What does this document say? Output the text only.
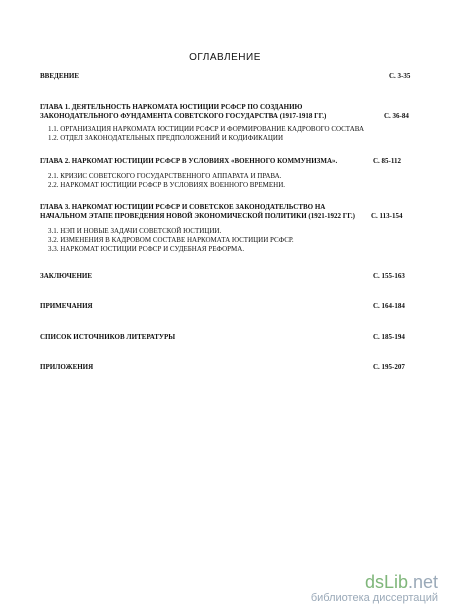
ОГЛАВЛЕНИЕ
ВВЕДЕНИЕ	С. 3-35
ГЛАВА 1. ДЕЯТЕЛЬНОСТЬ НАРКОМАТА ЮСТИЦИИ РСФСР ПО СОЗДАНИЮ
ЗАКОНОДАТЕЛЬНОГО ФУНДАМЕНТА СОВЕТСКОГО ГОСУДАРСТВА (1917-1918 ГГ.)	С. 36-84
1.1. ОРГАНИЗАЦИЯ НАРКОМАТА ЮСТИЦИИ РСФСР И ФОРМИРОВАНИЕ КАДРОВОГО СОСТАВА
1.2. ОТДЕЛ ЗАКОНОДАТЕЛЬНЫХ ПРЕДПОЛОЖЕНИЙ И КОДИФИКАЦИИ
ГЛАВА 2. НАРКОМАТ ЮСТИЦИИ РСФСР В УСЛОВИЯХ «ВОЕННОГО КОММУНИЗМА».	С. 85-112
2.1. КРИЗИС СОВЕТСКОГО ГОСУДАРСТВЕННОГО АППАРАТА И ПРАВА.
2.2. НАРКОМАТ ЮСТИЦИИ РСФСР В УСЛОВИЯХ ВОЕННОГО ВРЕМЕНИ.
ГЛАВА 3. НАРКОМАТ ЮСТИЦИИ РСФСР И СОВЕТСКОЕ ЗАКОНОДАТЕЛЬСТВО НА
НАЧАЛЬНОМ ЭТАПЕ ПРОВЕДЕНИЯ НОВОЙ ЭКОНОМИЧЕСКОЙ ПОЛИТИКИ (1921-1922 ГГ.) С. 113-154
3.1. НЭП И НОВЫЕ ЗАДАЧИ СОВЕТСКОЙ ЮСТИЦИИ.
3.2. ИЗМЕНЕНИЯ В КАДРОВОМ СОСТАВЕ НАРКОМАТА ЮСТИЦИИ РСФСР.
3.3. НАРКОМАТ ЮСТИЦИИ РСФСР И СУДЕБНАЯ РЕФОРМА.
ЗАКЛЮЧЕНИЕ	С. 155-163
ПРИМЕЧАНИЯ	С. 164-184
СПИСОК ИСТОЧНИКОВ ЛИТЕРАТУРЫ	С. 185-194
ПРИЛОЖЕНИЯ	С. 195-207
dsLib.net
библиотека диссертаций
